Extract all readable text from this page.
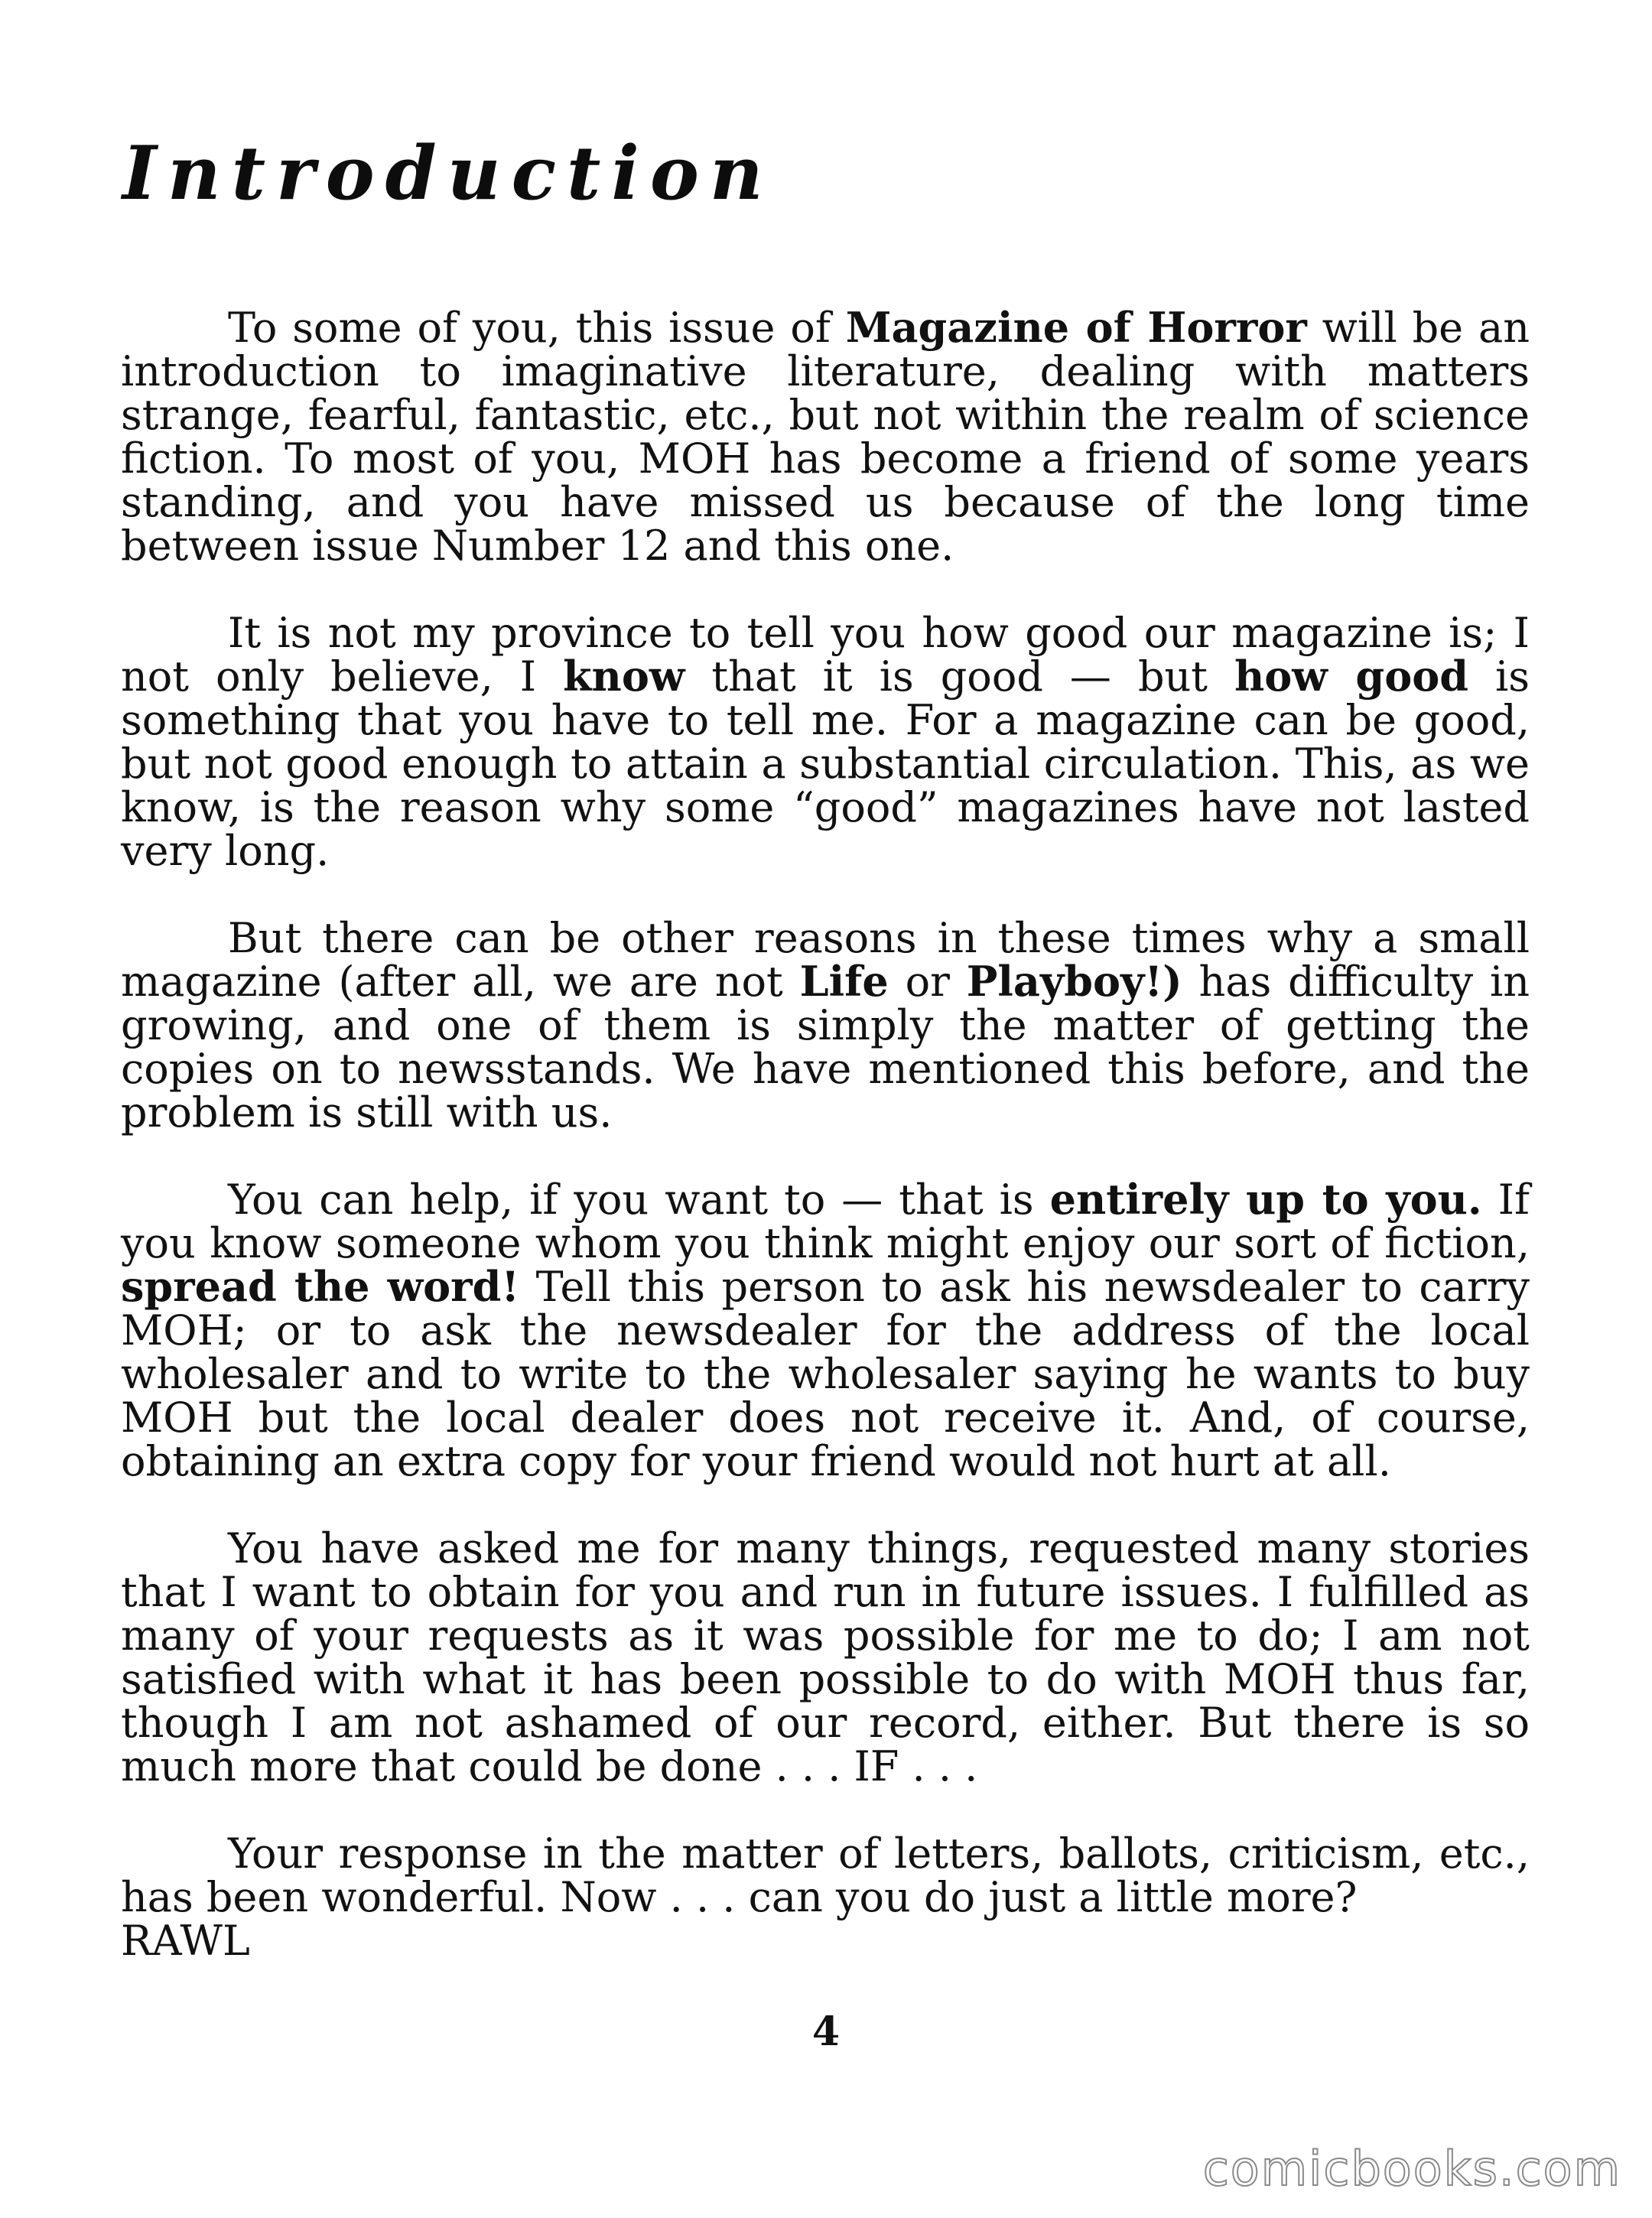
Introduction

To some of you, this issue of Magazine of Horror will be an introduction to imaginative literature, dealing with matters strange, fearful, fantastic, etc., but not within the realm of science fiction. To most of you, MOH has become a friend of some years standing, and you have missed us because of the long time between issue Number 12 and this one.

It is not my province to tell you how good our magazine is; I not only believe, I know that it is good — but how good is something that you have to tell me. For a magazine can be good, but not good enough to attain a substantial circulation. This, as we know, is the reason why some “good” magazines have not lasted very long.

But there can be other reasons in these times why a small magazine (after all, we are not Life or Playboy!) has difficulty in growing, and one of them is simply the matter of getting the copies on to newsstands. We have mentioned this before, and the problem is still with us.

You can help, if you want to — that is entirely up to you. If you know someone whom you think might enjoy our sort of fiction, spread the word! Tell this person to ask his newsdealer to carry MOH; or to ask the newsdealer for the address of the local wholesaler and to write to the wholesaler saying he wants to buy MOH but the local dealer does not receive it. And, of course, obtaining an extra copy for your friend would not hurt at all.

You have asked me for many things, requested many stories that I want to obtain for you and run in future issues. I fulfilled as many of your requests as it was possible for me to do; I am not satisfied with what it has been possible to do with MOH thus far, though I am not ashamed of our record, either. But there is so much more that could be done . . . IF . . .

Your response in the matter of letters, ballots, criticism, etc., has been wonderful. Now . . . can you do just a little more?
RAWL

4
comicbooks.com
